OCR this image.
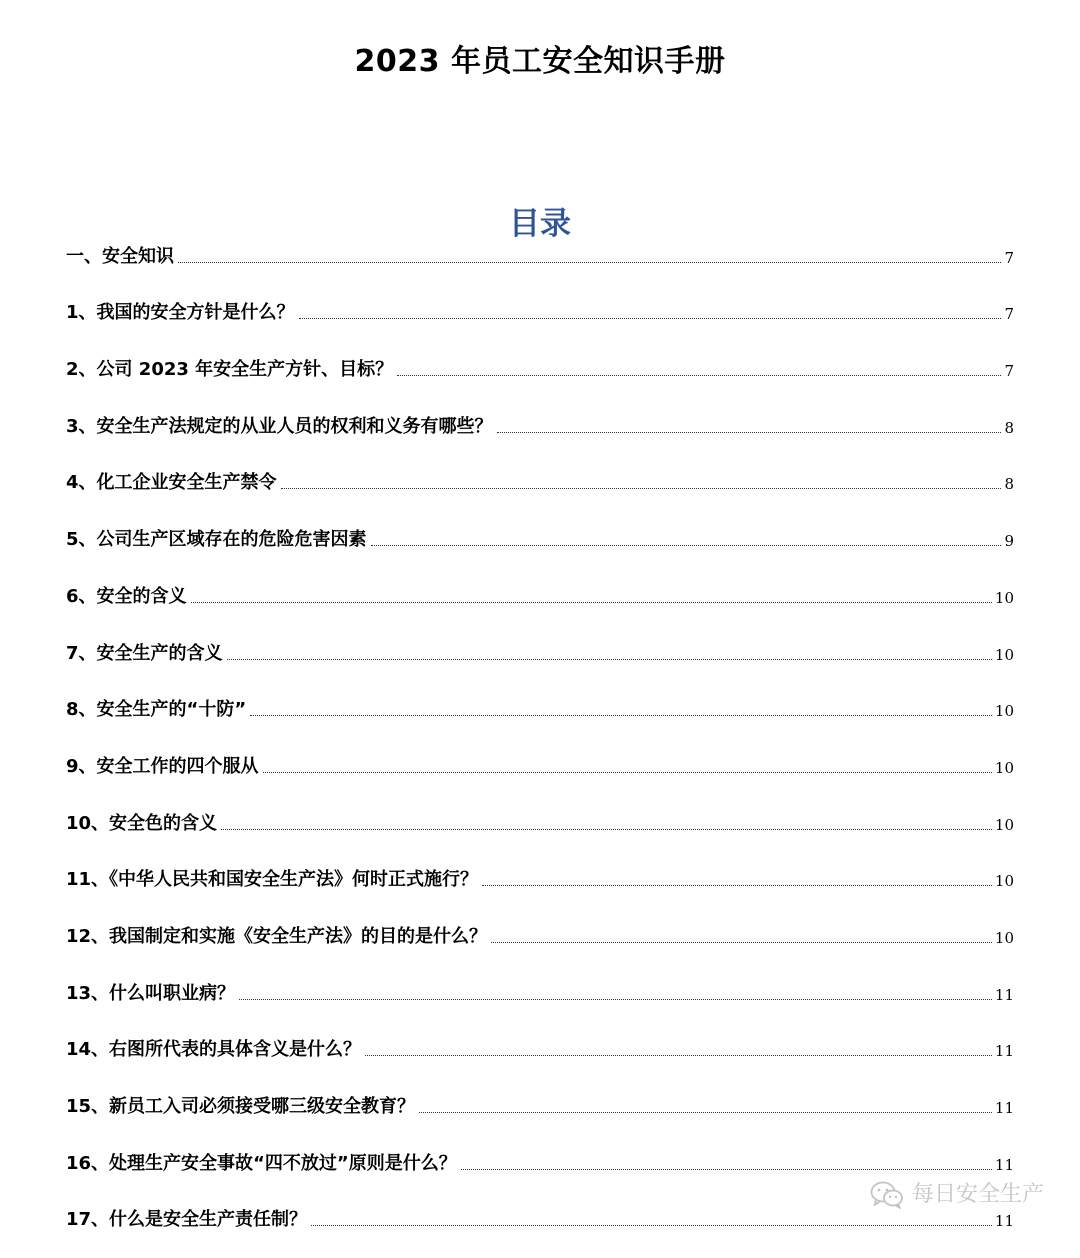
2023 年员工安全知识手册
目录
一、安全知识	7
1、我国的安全方针是什么？	7
2、公司 2023 年安全生产方针、目标？	7
3、安全生产法规定的从业人员的权利和义务有哪些？	8
4、化工企业安全生产禁令	8
5、公司生产区域存在的危险危害因素	9
6、安全的含义	10
7、安全生产的含义	10
8、安全生产的“十防”	10
9、安全工作的四个服从	10
10、安全色的含义	10
11、《中华人民共和国安全生产法》何时正式施行？	10
12、我国制定和实施《安全生产法》的目的是什么？	10
13、什么叫职业病？	11
14、右图所代表的具体含义是什么？	11
15、新员工入司必须接受哪三级安全教育？	11
16、处理生产安全事故“四不放过”原则是什么？	11
17、什么是安全生产责任制？	11
每日安全生产
